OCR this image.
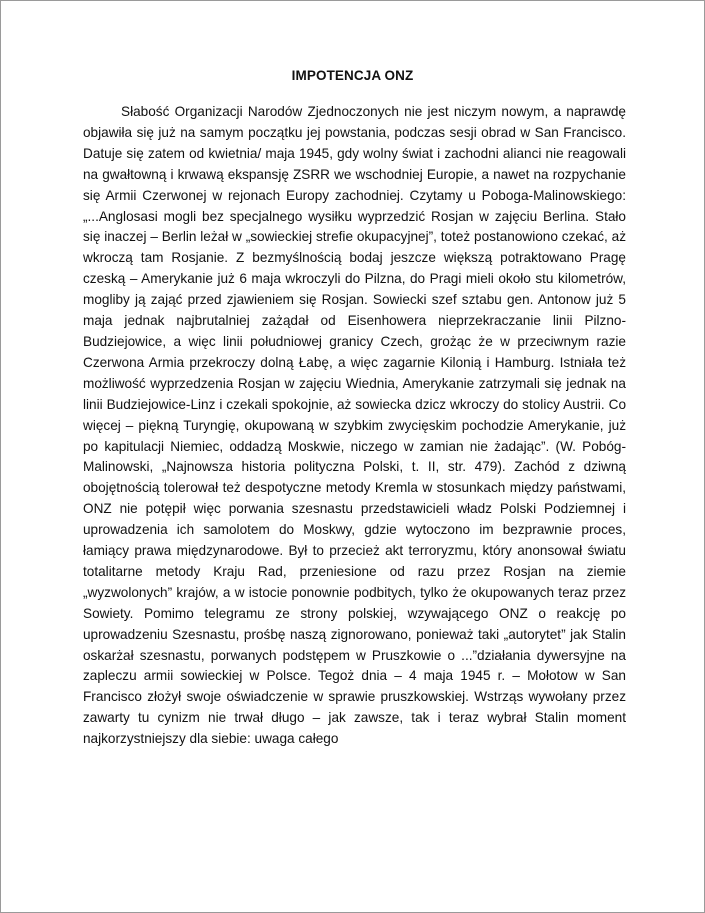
IMPOTENCJA ONZ

Słabość Organizacji Narodów Zjednoczonych nie jest niczym nowym, a naprawdę objawiła się już na samym początku jej powstania, podczas sesji obrad w San Francisco. Datuje się zatem od kwietnia/ maja 1945, gdy wolny świat i zachodni alianci nie reagowali na gwałtowną i krwawą ekspansję ZSRR we wschodniej Europie, a nawet na rozpychanie się Armii Czerwonej w rejonach Europy zachodniej. Czytamy u Poboga-Malinowskiego: „...Anglosasi mogli bez specjalnego wysiłku wyprzedzić Rosjan w zajęciu Berlina. Stało się inaczej – Berlin leżał w „sowieckiej strefie okupacyjnej”, toteż postanowiono czekać, aż wkroczą tam Rosjanie. Z bezmyślnością bodaj jeszcze większą potraktowano Pragę czeską – Amerykanie już 6 maja wkroczyli do Pilzna, do Pragi mieli około stu kilometrów, mogliby ją zająć przed zjawieniem się Rosjan. Sowiecki szef sztabu gen. Antonow już 5 maja jednak najbrutalniej zażądał od Eisenhowera nieprzekraczanie linii Pilzno-Budziejowice, a więc linii południowej granicy Czech, grożąc że w przeciwnym razie Czerwona Armia przekroczy dolną Łabę, a więc zagarnie Kilonią i Hamburg. Istniała też możliwość wyprzedzenia Rosjan w zajęciu Wiednia, Amerykanie zatrzymali się jednak na linii Budziejowice-Linz i czekali spokojnie, aż sowiecka dzicz wkroczy do stolicy Austrii. Co więcej – piękną Turyngię, okupowaną w szybkim zwycięskim pochodzie Amerykanie, już po kapitulacji Niemiec, oddadzą Moskwie, niczego w zamian nie żadając”. (W. Pobóg-Malinowski, „Najnowsza historia polityczna Polski, t. II, str. 479). Zachód z dziwną obojętnością tolerował też despotyczne metody Kremla w stosunkach między państwami, ONZ nie potępił więc porwania szesnastu przedstawicieli władz Polski Podziemnej i uprowadzenia ich samolotem do Moskwy, gdzie wytoczono im bezprawnie proces, łamiący prawa międzynarodowe. Był to przecież akt terroryzmu, który anonsował światu totalitarne metody Kraju Rad, przeniesione od razu przez Rosjan na ziemie „wyzwolonych” krajów, a w istocie ponownie podbitych, tylko że okupowanych teraz przez Sowiety. Pomimo telegramu ze strony polskiej, wzywającego ONZ o reakcję po uprowadzeniu Szesnastu, prośbę naszą zignorowano, ponieważ taki „autorytet” jak Stalin oskarżał szesnastu, porwanych podstępem w Pruszkowie o ...”działania dywersyjne na zapleczu armii sowieckiej w Polsce. Tegoż dnia – 4 maja 1945 r. – Mołotow w San Francisco złożył swoje oświadczenie w sprawie pruszkowskiej. Wstrząs wywołany przez zawarty tu cynizm nie trwał długo – jak zawsze, tak i teraz wybrał Stalin moment najkorzystniejszy dla siebie: uwaga całego
